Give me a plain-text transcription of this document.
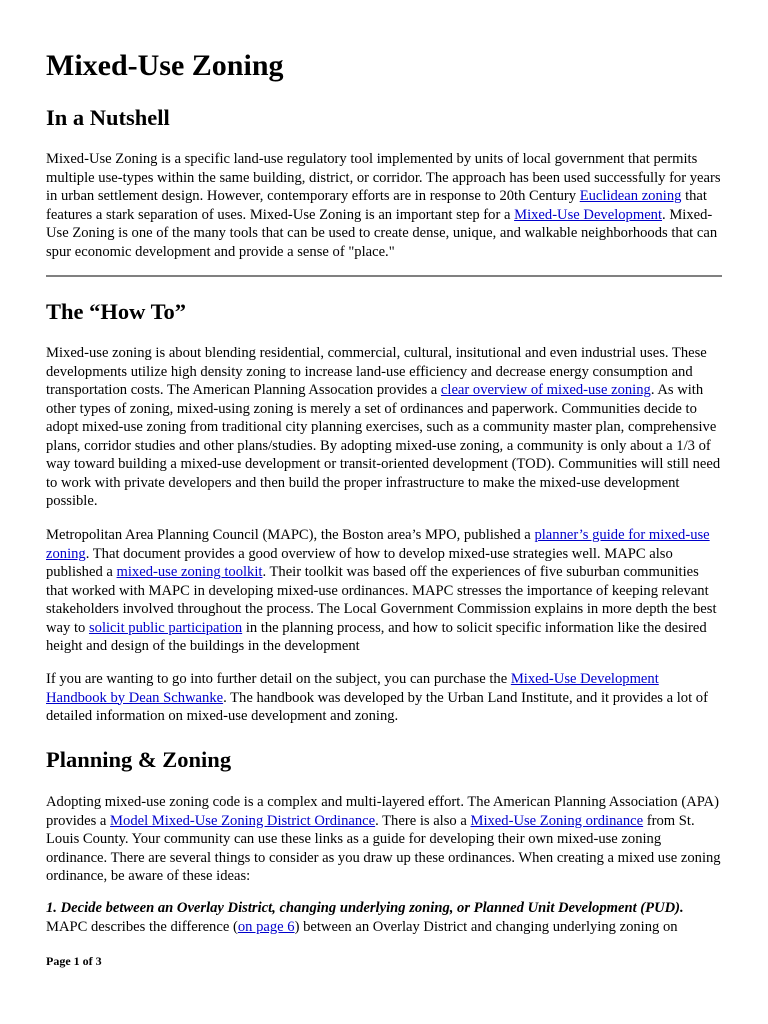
Mixed-Use Zoning
In a Nutshell

Mixed-Use Zoning is a specific land-use regulatory tool implemented by units of local government that permits multiple use-types within the same building, district, or corridor. The approach has been used successfully for years in urban settlement design. However, contemporary efforts are in response to 20th Century Euclidean zoning that features a stark separation of uses. Mixed-Use Zoning is an important step for a Mixed-Use Development. Mixed-Use Zoning is one of the many tools that can be used to create dense, unique, and walkable neighborhoods that can spur economic development and provide a sense of "place."

The “How To”

Mixed-use zoning is about blending residential, commercial, cultural, insitutional and even industrial uses. These developments utilize high density zoning to increase land-use efficiency and decrease energy consumption and transportation costs. The American Planning Assocation provides a clear overview of mixed-use zoning. As with other types of zoning, mixed-using zoning is merely a set of ordinances and paperwork. Communities decide to adopt mixed-use zoning from traditional city planning exercises, such as a community master plan, comprehensive plans, corridor studies and other plans/studies. By adopting mixed-use zoning, a community is only about a 1/3 of way toward building a mixed-use development or transit-oriented development (TOD). Communities will still need to work with private developers and then build the proper infrastructure to make the mixed-use development possible.

Metropolitan Area Planning Council (MAPC), the Boston area’s MPO, published a planner’s guide for mixed-use zoning. That document provides a good overview of how to develop mixed-use strategies well. MAPC also published a mixed-use zoning toolkit. Their toolkit was based off the experiences of five suburban communities that worked with MAPC in developing mixed-use ordinances. MAPC stresses the importance of keeping relevant stakeholders involved throughout the process. The Local Government Commission explains in more depth the best way to solicit public participation in the planning process, and how to solicit specific information like the desired height and design of the buildings in the development

If you are wanting to go into further detail on the subject, you can purchase the Mixed-Use Development Handbook by Dean Schwanke. The handbook was developed by the Urban Land Institute, and it provides a lot of detailed information on mixed-use development and zoning.

Planning & Zoning

Adopting mixed-use zoning code is a complex and multi-layered effort. The American Planning Association (APA) provides a Model Mixed-Use Zoning District Ordinance. There is also a Mixed-Use Zoning ordinance from St. Louis County. Your community can use these links as a guide for developing their own mixed-use zoning ordinance. There are several things to consider as you draw up these ordinances. When creating a mixed use zoning ordinance, be aware of these ideas:

1. Decide between an Overlay District, changing underlying zoning, or Planned Unit Development (PUD).
MAPC describes the difference (on page 6) between an Overlay District and changing underlying zoning on

Page 1 of 3
